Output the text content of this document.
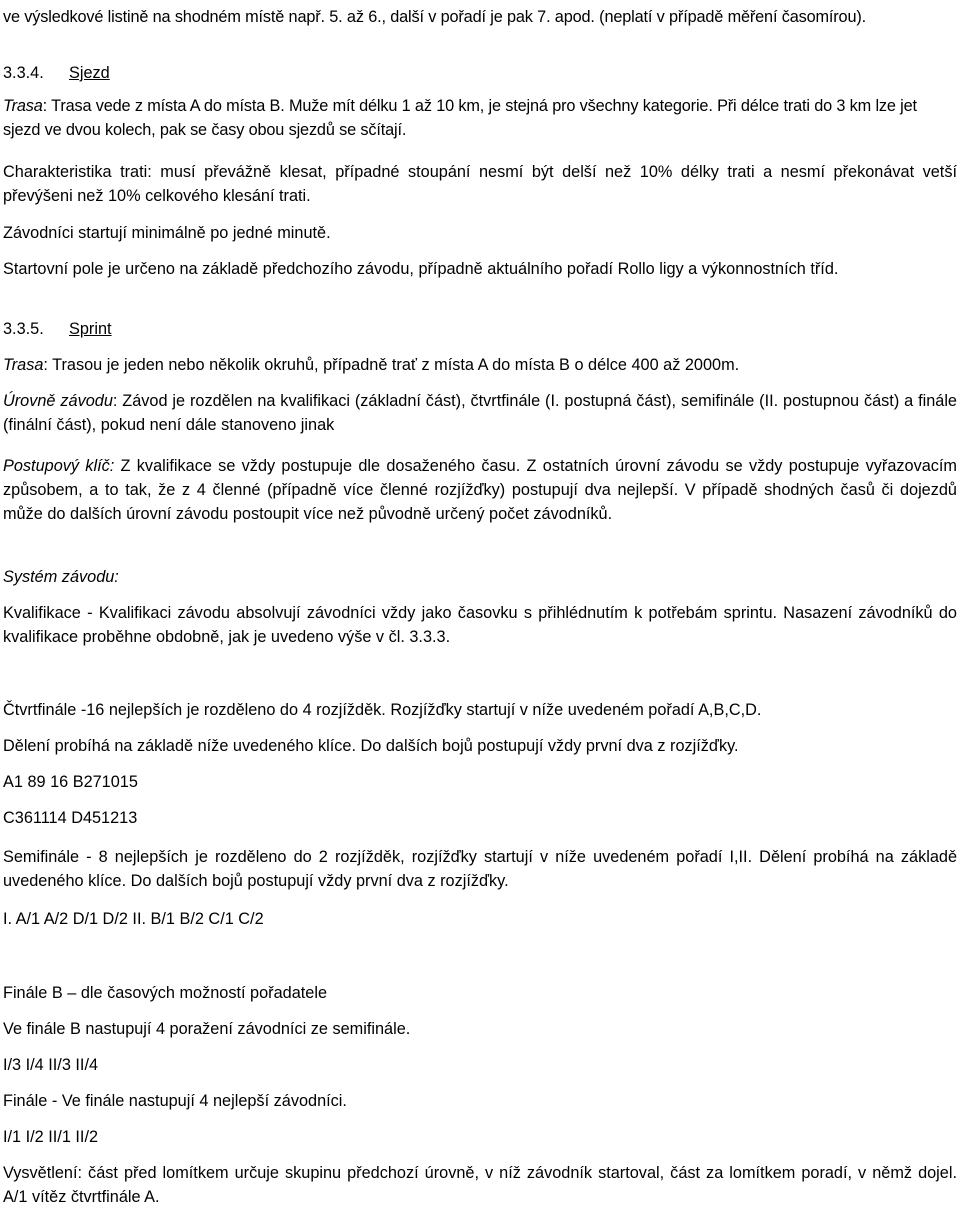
ve výsledkové listině na shodném místě např. 5. až 6., další v pořadí je pak 7. apod. (neplatí v případě měření časomírou).

3.3.4. Sjezd

Trasa: Trasa vede z místa A do místa B. Muže mít délku 1 až 10 km, je stejná pro všechny kategorie. Při délce trati do 3 km lze jet sjezd ve dvou kolech, pak se časy obou sjezdů se sčítají.

Charakteristika trati: musí převážně klesat, případné stoupání nesmí být delší než 10% délky trati a nesmí překonávat vetší převýšeni než 10% celkového klesání trati.

Závodníci startují minimálně po jedné minutě.

Startovní pole je určeno na základě předchozího závodu, případně aktuálního pořadí Rollo ligy a výkonnostních tříd.

3.3.5. Sprint

Trasa: Trasou je jeden nebo několik okruhů, případně trať z místa A do místa B o délce 400 až 2000m.

Úrovně závodu: Závod je rozdělen na kvalifikaci (základní část), čtvrtfinále (I. postupná část), semifinále (II. postupnou část) a finále (finální část), pokud není dále stanoveno jinak

Postupový klíč: Z kvalifikace se vždy postupuje dle dosaženého času. Z ostatních úrovní závodu se vždy postupuje vyřazovacím způsobem, a to tak, že z 4 členné (případně více členné rozjížďky) postupují dva nejlepší. V případě shodných časů či dojezdů může do dalších úrovní závodu postoupit více než původně určený počet závodníků.

Systém závodu:

Kvalifikace - Kvalifikaci závodu absolvují závodníci vždy jako časovku s přihlédnutím k potřebám sprintu. Nasazení závodníků do kvalifikace proběhne obdobně, jak je uvedeno výše v čl. 3.3.3.

Čtvrtfinále -16 nejlepších je rozděleno do 4 rozjížděk. Rozjížďky startují v níže uvedeném pořadí A,B,C,D.

Dělení probíhá na základě níže uvedeného klíce. Do dalších bojů postupují vždy první dva z rozjížďky.

A1 89 16 B271015

C361114 D451213

Semifinále - 8 nejlepších je rozděleno do 2 rozjížděk, rozjížďky startují v níže uvedeném pořadí I,II. Dělení probíhá na základě uvedeného klíce. Do dalších bojů postupují vždy první dva z rozjížďky.

I. A/1 A/2 D/1 D/2 II. B/1 B/2 C/1 C/2

Finále B – dle časových možností pořadatele

Ve finále B nastupují 4 poražení závodníci ze semifinále.

I/3 I/4 II/3 II/4

Finále - Ve finále nastupují 4 nejlepší závodníci.

I/1 I/2 II/1 II/2

Vysvětlení: část před lomítkem určuje skupinu předchozí úrovně, v níž závodník startoval, část za lomítkem poradí, v němž dojel. A/1 vítěz čtvrtfinále A.
